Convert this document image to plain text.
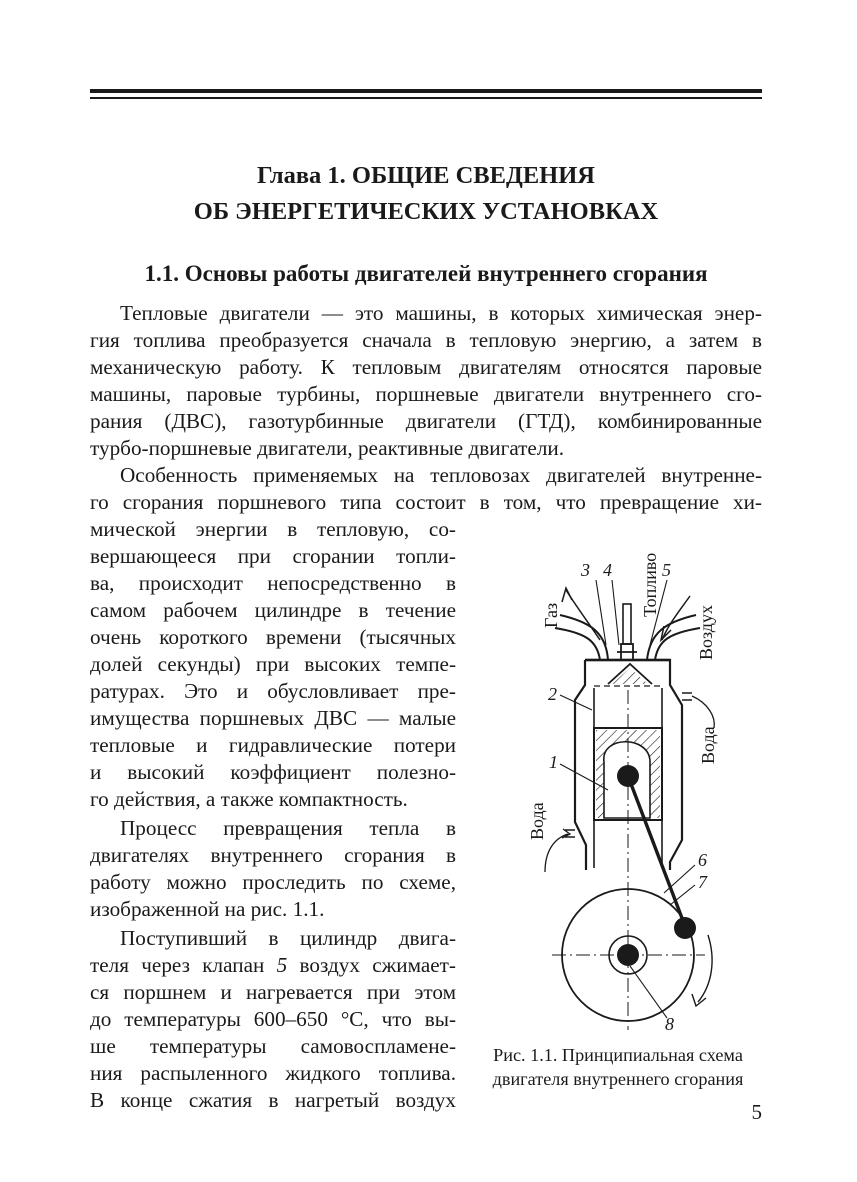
Глава 1. ОБЩИЕ СВЕДЕНИЯ
ОБ ЭНЕРГЕТИЧЕСКИХ УСТАНОВКАХ
1.1. Основы работы двигателей внутреннего сгорания
Тепловые двигатели — это машины, в которых химическая энер-
гия топлива преобразуется сначала в тепловую энергию, а затем в
механическую работу. К тепловым двигателям относятся паровые
машины, паровые турбины, поршневые двигатели внутреннего сго-
рания (ДВС), газотурбинные двигатели (ГТД), комбинированные
турбо-поршневые двигатели, реактивные двигатели.
Особенность применяемых на тепловозах двигателей внутренне-
го сгорания поршневого типа состоит в том, что превращение хи-
мической энергии в тепловую, со-
вершающееся при сгорании топли-
ва, происходит непосредственно в
самом рабочем цилиндре в течение
очень короткого времени (тысячных
долей секунды) при высоких темпе-
ратурах. Это и обусловливает пре-
имущества поршневых ДВС — малые
тепловые и гидравлические потери
и высокий коэффициент полезно-
го действия, а также компактность.
Процесс превращения тепла в
двигателях внутреннего сгорания в
работу можно проследить по схеме,
изображенной на рис. 1.1.
Поступивший в цилиндр двига-
теля через клапан 5 воздух сжимает-
ся поршнем и нагревается при этом
до температуры 600–650 °С, что вы-
ше температуры самовоспламене-
ния распыленного жидкого топлива.
В конце сжатия в нагретый воздух
Газ	Топливо
Воздух
Вода
Вода
3 4	5
2
1
6
7
8
Рис. 1.1. Принципиальная схема
двигателя внутреннего сгорания
5
